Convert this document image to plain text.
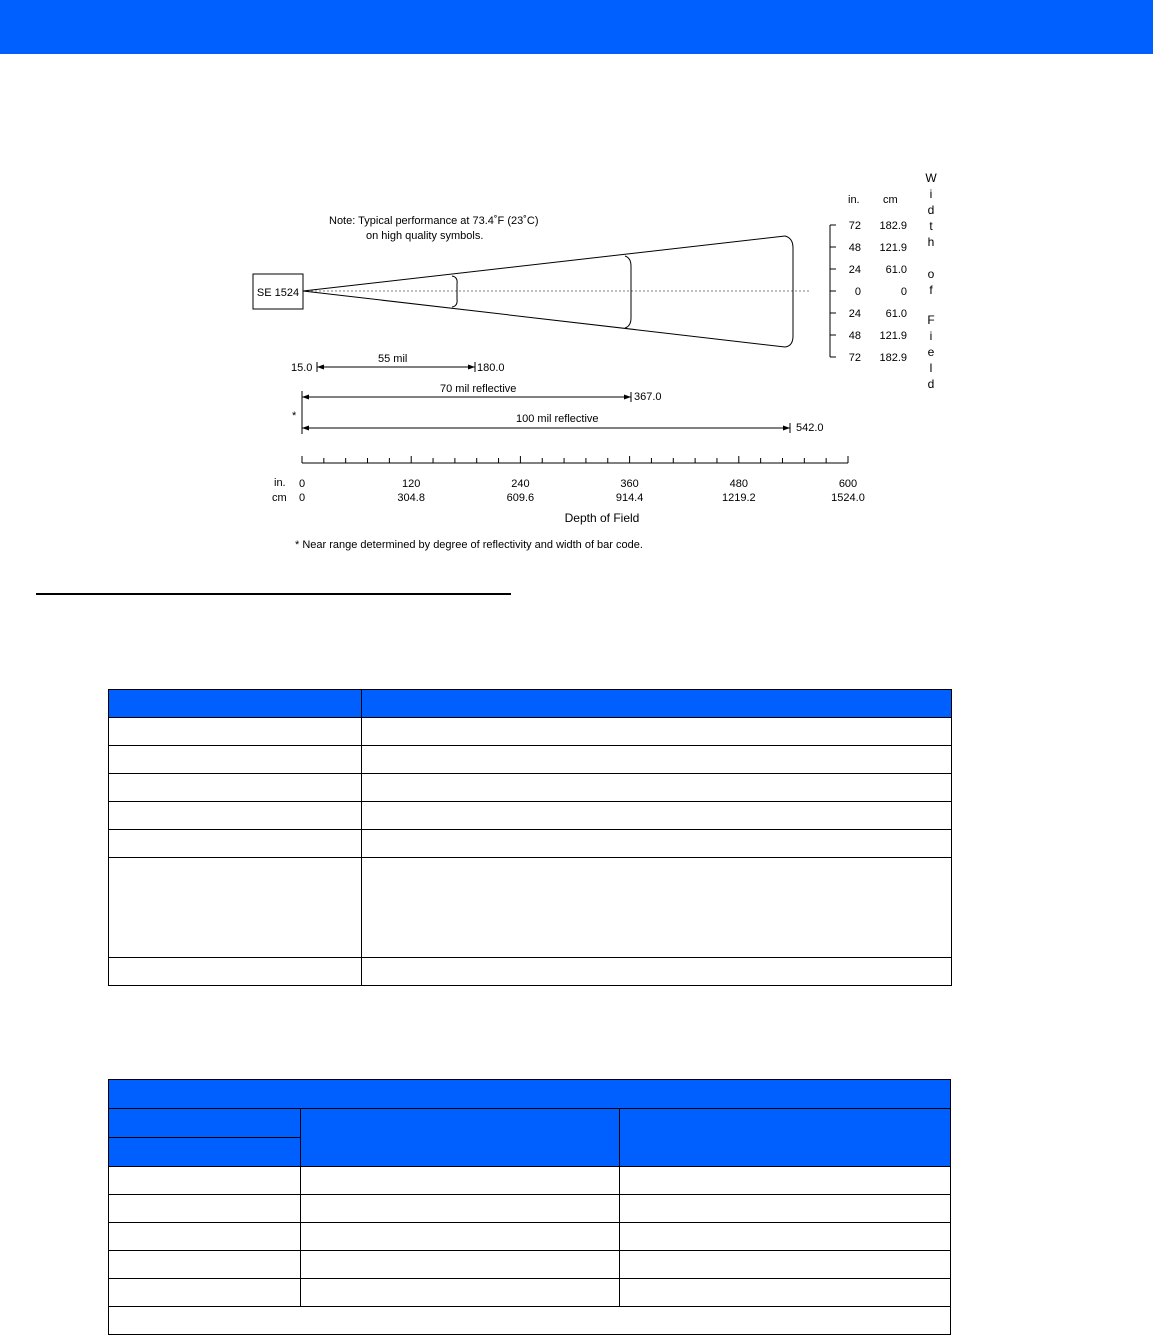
SE 1524
Note: Typical performance at 73.4˚F (23˚C)
on high quality symbols.
in. cm
72 182.9
48 121.9
24 61.0
0	0
24 61.0
48 121.9
72 182.9
W
i
d
t
h
o
f
F
i
e
l
d
55 mil
15.0	180.0
70 mil reflective
367.0
*	100 mil reflective
542.0
in.
cm
0
0
120
304.8
240
609.6
360
914.4
480
1219.2
600
1524.0
Depth of Field
* Near range determined by degree of reflectivity and width of bar code.
